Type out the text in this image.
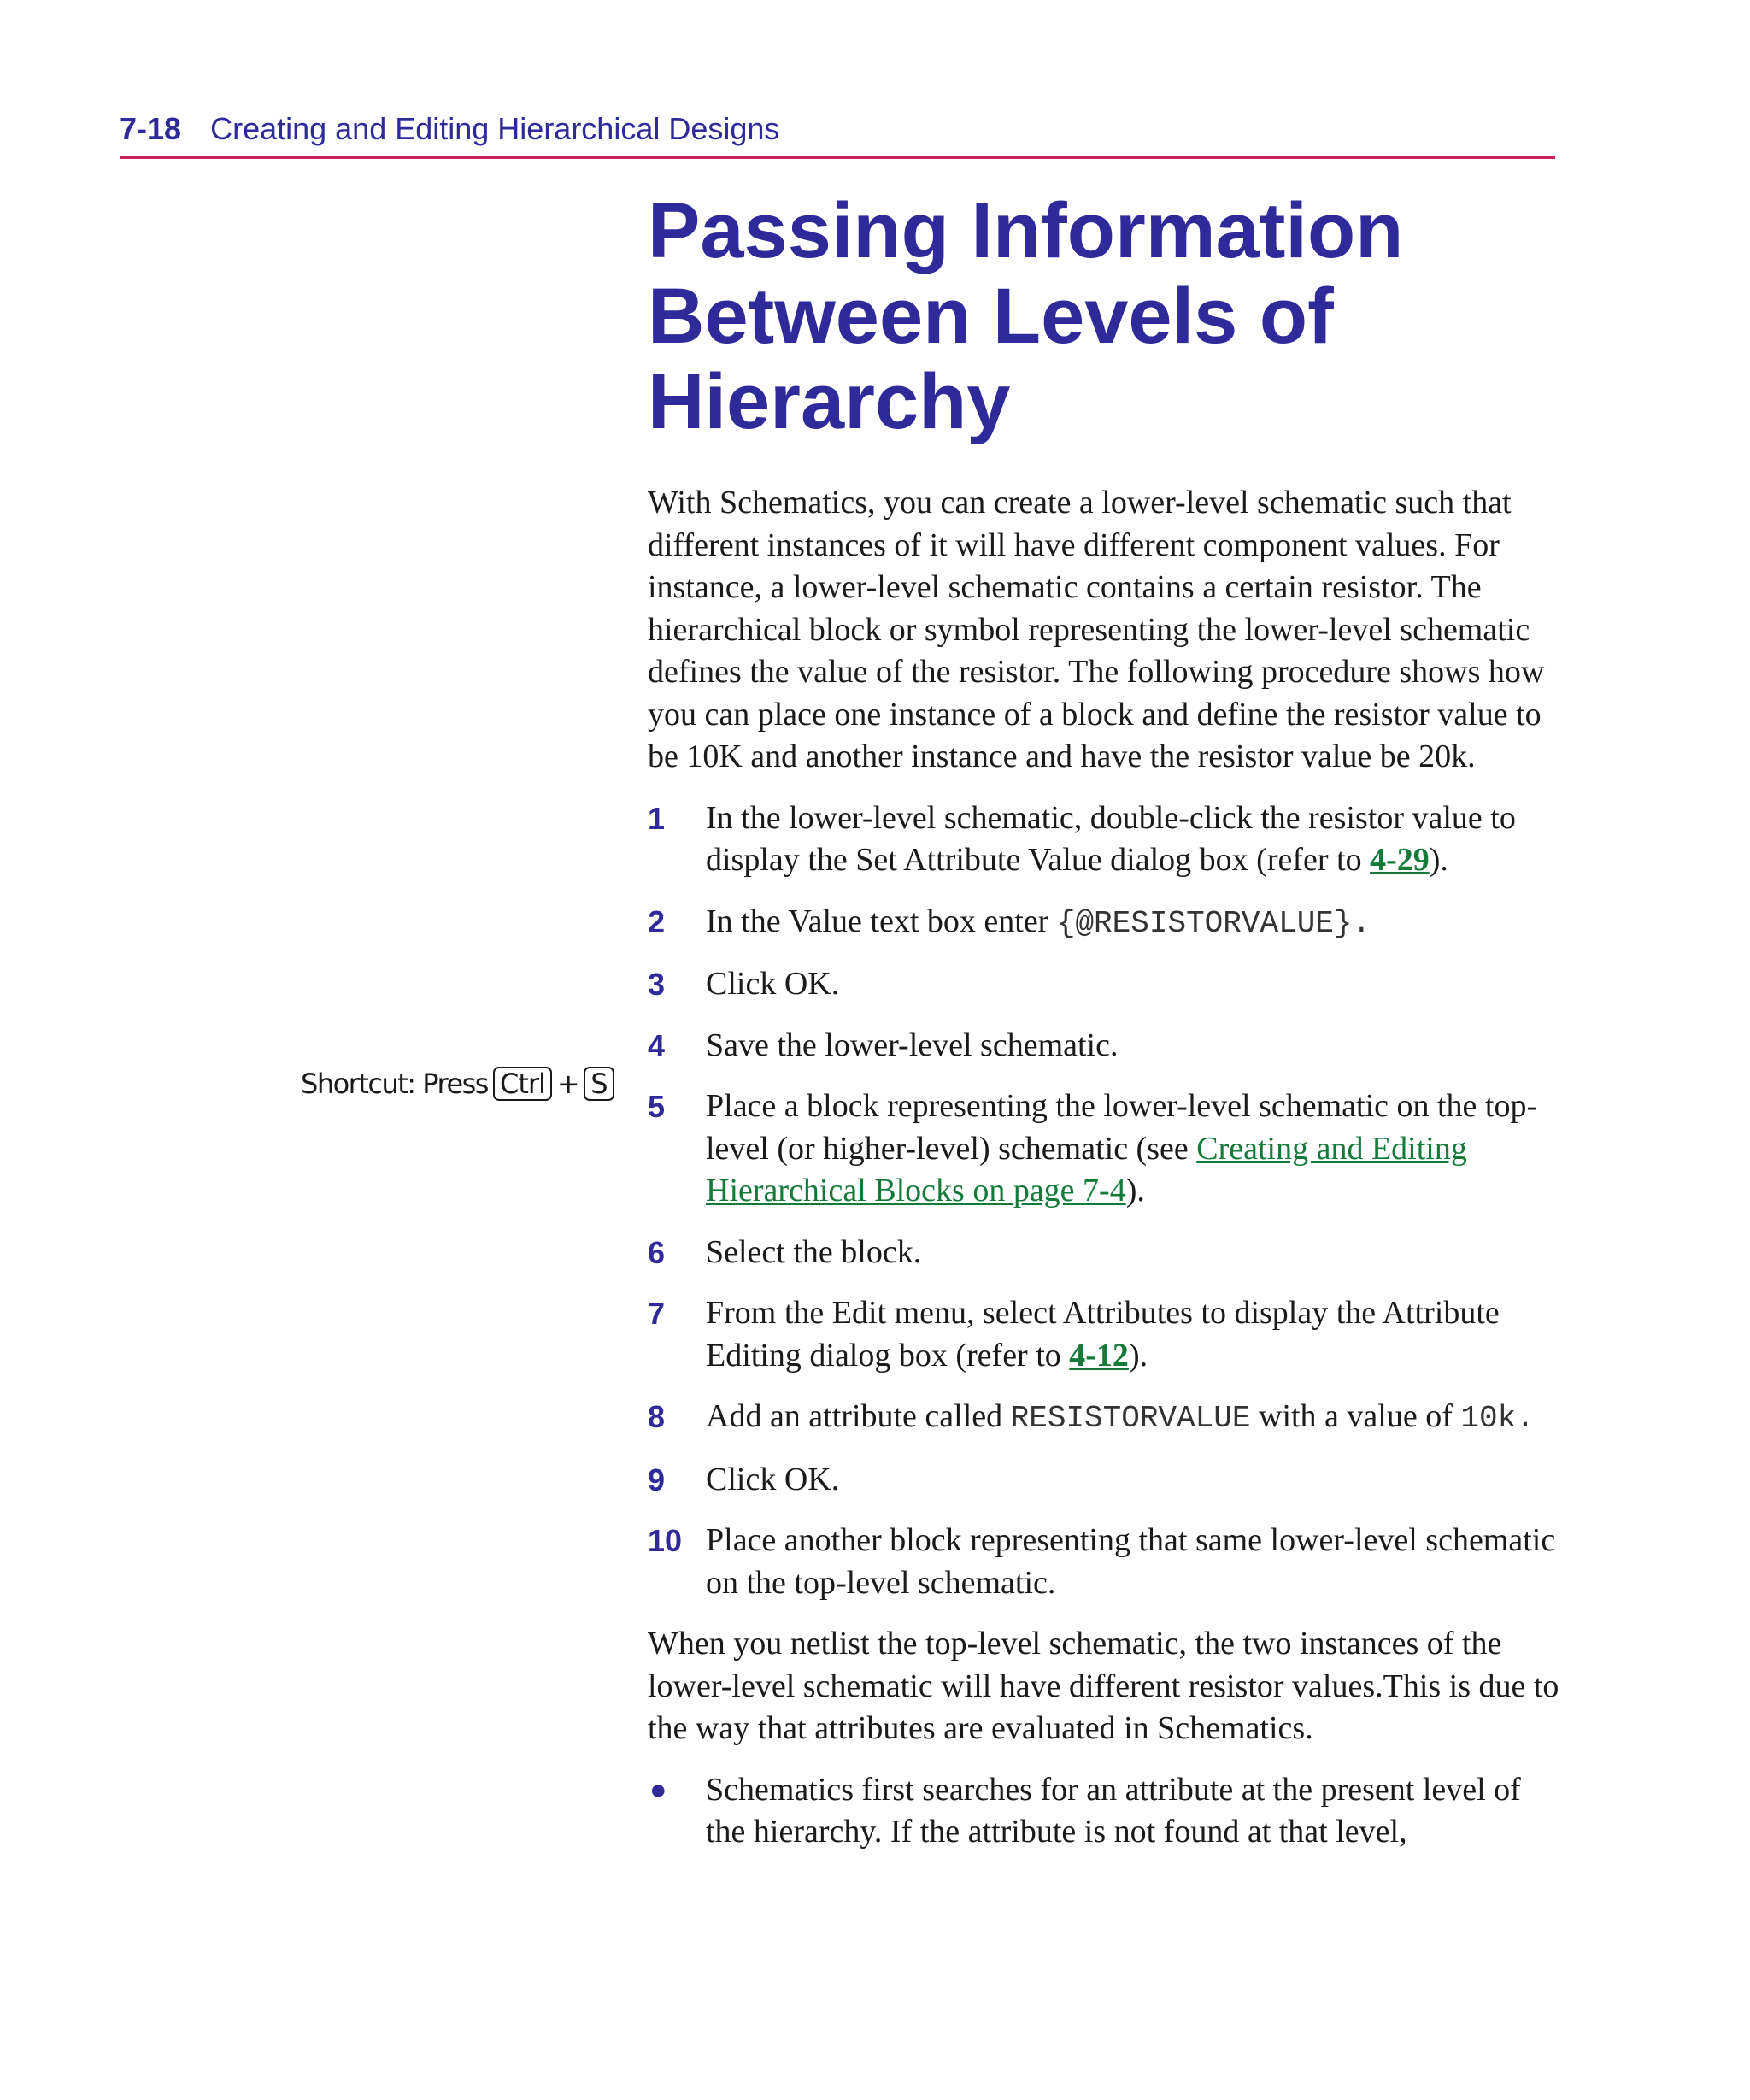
7-18 Creating and Editing Hierarchical Designs
Shortcut: Press Ctrl + S
Passing Information
Between Levels of
Hierarchy

With Schematics, you can create a lower-level schematic such that different instances of it will have different component values. For instance, a lower-level schematic contains a certain resistor. The hierarchical block or symbol representing the lower-level schematic defines the value of the resistor. The following procedure shows how you can place one instance of a block and define the resistor value to be 10K and another instance and have the resistor value be 20k.

1 In the lower-level schematic, double-click the resistor value to display the Set Attribute Value dialog box (refer to 4-29).
2 In the Value text box enter {@RESISTORVALUE}.
3 Click OK.
4 Save the lower-level schematic.
5 Place a block representing the lower-level schematic on the top-level (or higher-level) schematic (see Creating and Editing Hierarchical Blocks on page 7-4).
6 Select the block.
7 From the Edit menu, select Attributes to display the Attribute Editing dialog box (refer to 4-12).
8 Add an attribute called RESISTORVALUE with a value of 10k.
9 Click OK.
10 Place another block representing that same lower-level schematic on the top-level schematic.

When you netlist the top-level schematic, the two instances of the lower-level schematic will have different resistor values.This is due to the way that attributes are evaluated in Schematics.

● Schematics first searches for an attribute at the present level of the hierarchy. If the attribute is not found at that level,
